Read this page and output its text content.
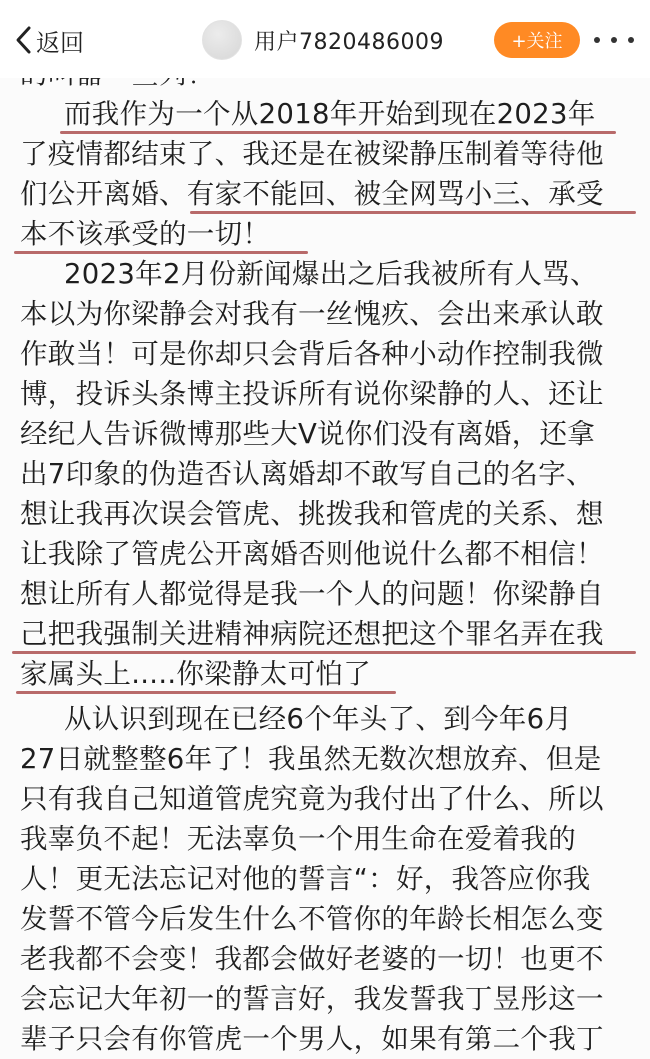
返回	用户7820486009	+关注
而我作为一个从2018年开始到现在2023年
了疫情都结束了、我还是在被梁静压制着等待他
们公开离婚、有家不能回、被全网骂小三、承受
本不该承受的一切！
2023年2月份新闻爆出之后我被所有人骂、
本以为你梁静会对我有一丝愧疚、会出来承认敢
作敢当！可是你却只会背后各种小动作控制我微
博，投诉头条博主投诉所有说你梁静的人、还让
经纪人告诉微博那些大V说你们没有离婚，还拿
出7印象的伪造否认离婚却不敢写自己的名字、
想让我再次误会管虎、挑拨我和管虎的关系、想
让我除了管虎公开离婚否则他说什么都不相信！
想让所有人都觉得是我一个人的问题！你梁静自
己把我强制关进精神病院还想把这个罪名弄在我
家属头上.....你梁静太可怕了
从认识到现在已经6个年头了、到今年6月
27日就整整6年了！我虽然无数次想放弃、但是
只有我自己知道管虎究竟为我付出了什么、所以
我辜负不起！无法辜负一个用生命在爱着我的
人！更无法忘记对他的誓言“：好，我答应你我
发誓不管今后发生什么不管你的年龄长相怎么变
老我都不会变！我都会做好老婆的一切！也更不
会忘记大年初一的誓言好，我发誓我丁昱彤这一
辈子只会有你管虎一个男人，如果有第二个我丁
